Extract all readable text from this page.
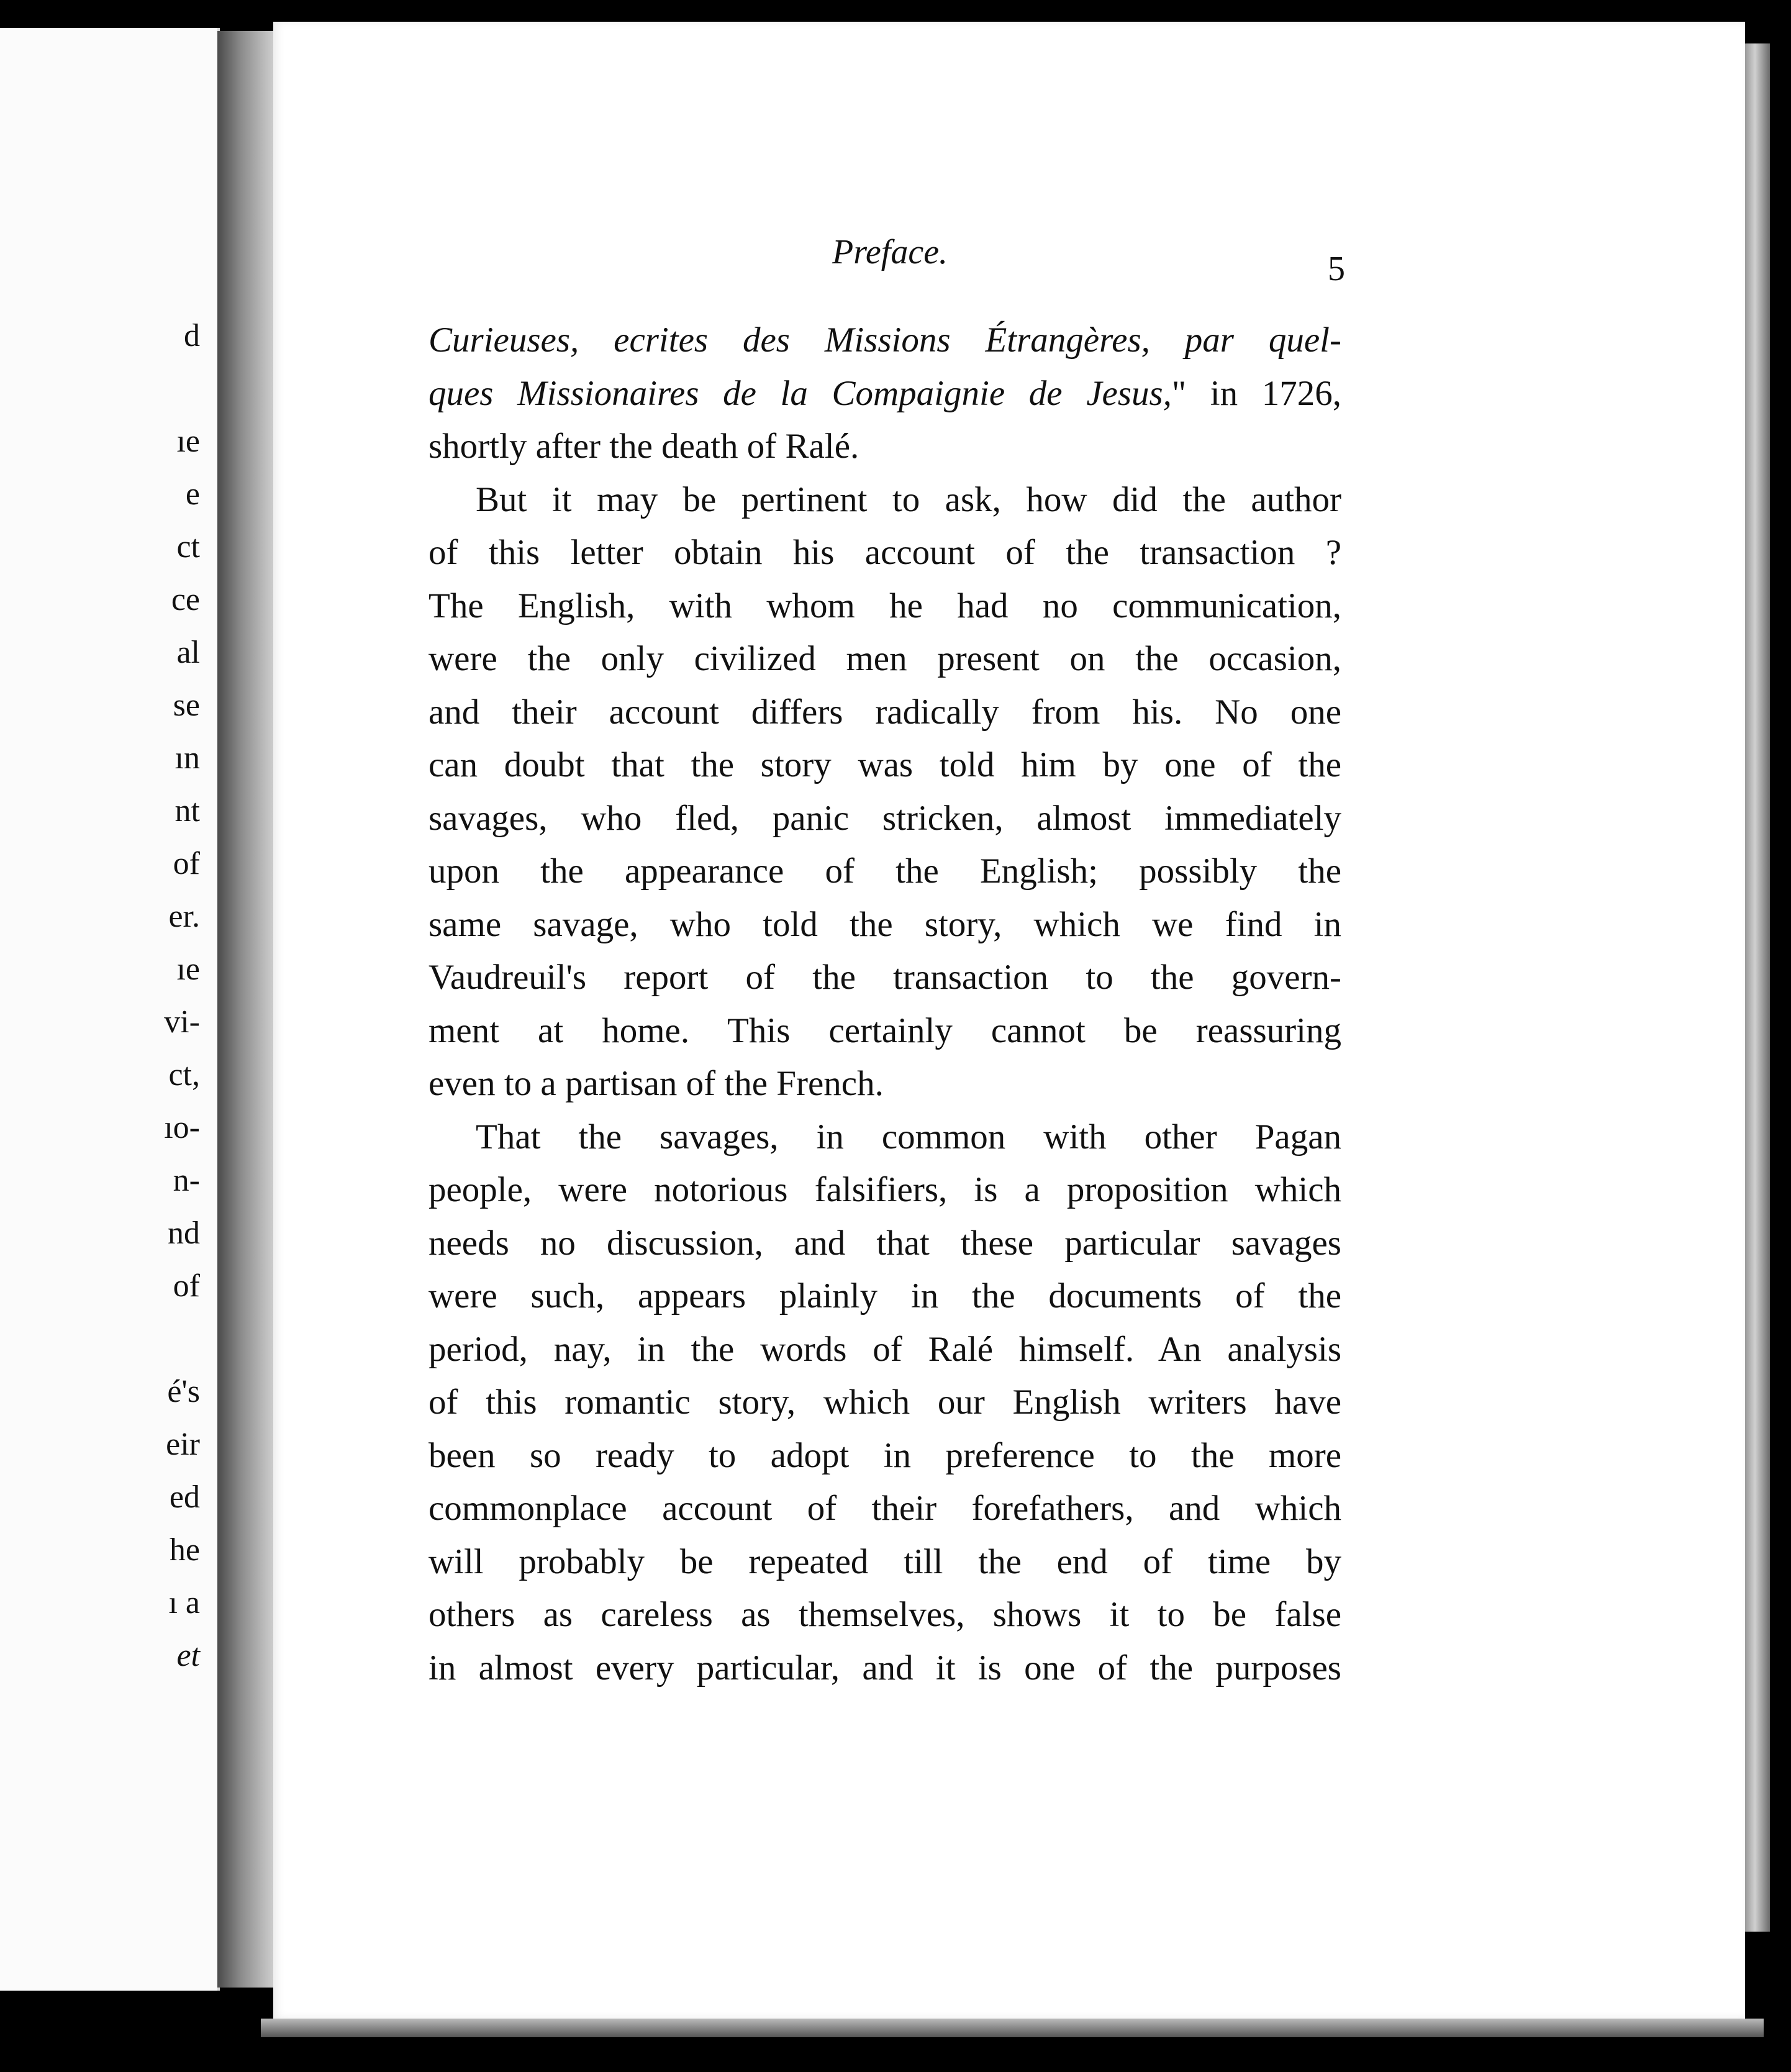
d
ıe
e
ct
ce
al
se
ın
nt
of
er.
ıe
vi-
ct,
ıo-
n-
nd
of
é's
eir
ed
he
ı a
et
Preface.	5
Curieuses, ecrites des Missions Étrangères, par quel-
ques Missionaires de la Compaignie de Jesus," in 1726,
shortly after the death of Ralé.
But it may be pertinent to ask, how did the author
of this letter obtain his account of the transaction ?
The English, with whom he had no communication,
were the only civilized men present on the occasion,
and their account differs radically from his. No one
can doubt that the story was told him by one of the
savages, who fled, panic stricken, almost immediately
upon the appearance of the English; possibly the
same savage, who told the story, which we find in
Vaudreuil's report of the transaction to the govern-
ment at home. This certainly cannot be reassuring
even to a partisan of the French.
That the savages, in common with other Pagan
people, were notorious falsifiers, is a proposition which
needs no discussion, and that these particular savages
were such, appears plainly in the documents of the
period, nay, in the words of Ralé himself. An analysis
of this romantic story, which our English writers have
been so ready to adopt in preference to the more
commonplace account of their forefathers, and which
will probably be repeated till the end of time by
others as careless as themselves, shows it to be false
in almost every particular, and it is one of the purposes
